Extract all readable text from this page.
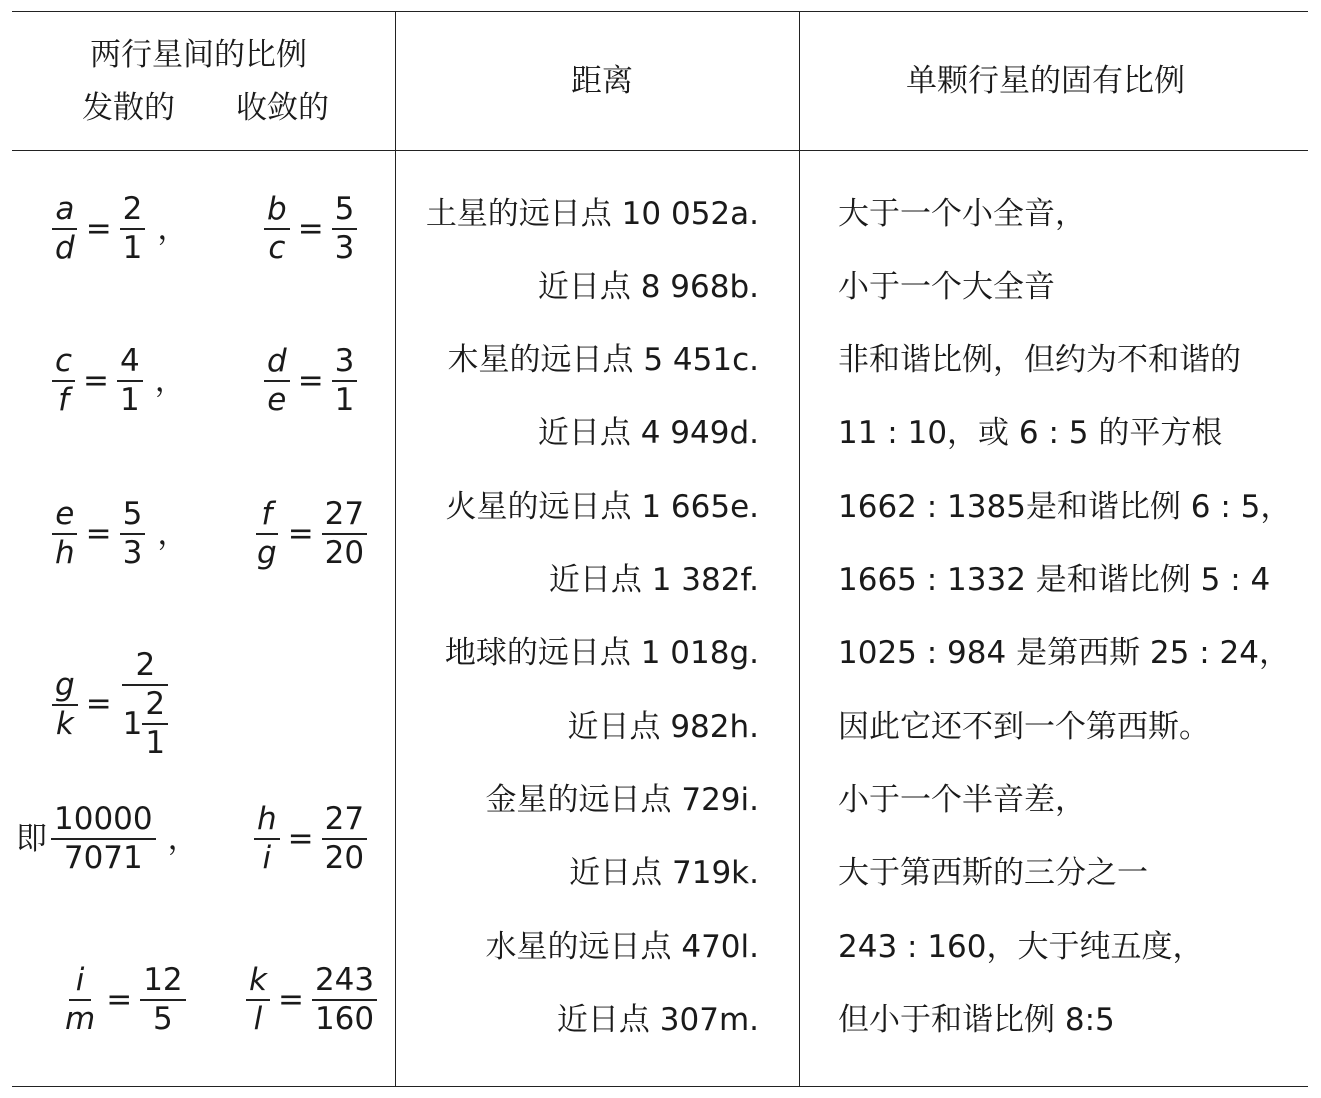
两行星间的比例
发散的 收敛的
距离	单颗行星的固有比例
$\frac{a}{d} = \frac{2}{1}$ ，
$\frac{c}{f} = \frac{4}{1}$ ，
$\frac{e}{h} = \frac{5}{3}$ ，
$\frac{g}{k} = \frac{2}{1 \frac{2}{1}}$
即 $\frac{10000}{7071}$ ，
$\frac{i}{m} = \frac{12}{5}$
$\frac{b}{c} = \frac{5}{3}$
$\frac{d}{e} = \frac{3}{1}$
$\frac{f}{g} = \frac{27}{20}$
$\frac{h}{i} = \frac{27}{20}$
$\frac{k}{l} = \frac{243}{160}$
土星的远日点 10 052a.
近日点 8 968b.
木星的远日点 5 451c.
近日点 4 949d.
火星的远日点 1 665e.
近日点 1 382f.
地球的远日点 1 018g.
近日点 982h.
金星的远日点 729i.
近日点 719k.
水星的远日点 470l.
近日点 307m.
大于一个小全音，
小于一个大全音
非和谐比例，但约为不和谐的
11 : 10，或 6 : 5 的平方根
1662 : 1385是和谐比例 6 : 5，
1665 : 1332 是和谐比例 5 : 4
1025 : 984 是第西斯 25 : 24，
因此它还不到一个第西斯。
小于一个半音差，
大于第西斯的三分之一
243 : 160，大于纯五度，
但小于和谐比例 8:5
